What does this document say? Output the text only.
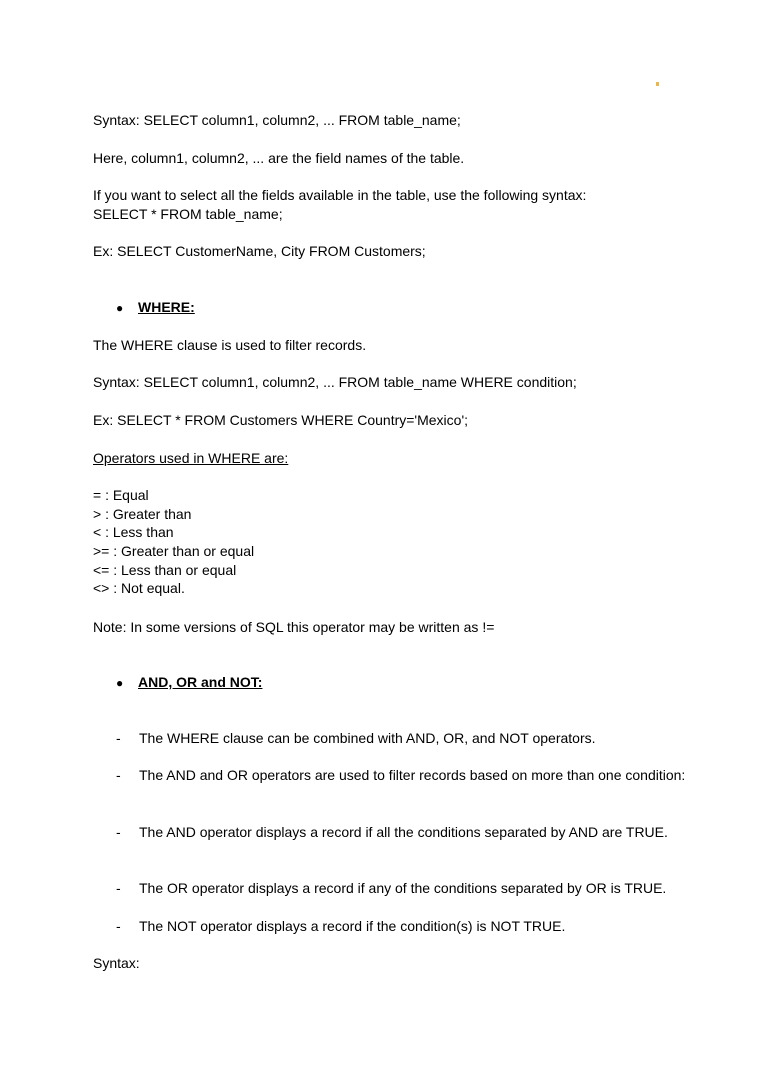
Syntax: SELECT column1, column2, ... FROM table_name;
Here, column1, column2, ... are the field names of the table.
If you want to select all the fields available in the table, use the following syntax:
SELECT * FROM table_name;
Ex: SELECT CustomerName, City FROM Customers;
● WHERE:
The WHERE clause is used to filter records.
Syntax: SELECT column1, column2, ... FROM table_name WHERE condition;
Ex: SELECT * FROM Customers WHERE Country='Mexico';
Operators used in WHERE are:
= : Equal
> : Greater than
< : Less than
>= : Greater than or equal
<= : Less than or equal
<> : Not equal.
Note: In some versions of SQL this operator may be written as !=
● AND, OR and NOT:
- The WHERE clause can be combined with AND, OR, and NOT operators.
- The AND and OR operators are used to filter records based on more than one condition:
- The AND operator displays a record if all the conditions separated by AND are TRUE.
- The OR operator displays a record if any of the conditions separated by OR is TRUE.
- The NOT operator displays a record if the condition(s) is NOT TRUE.
Syntax:
